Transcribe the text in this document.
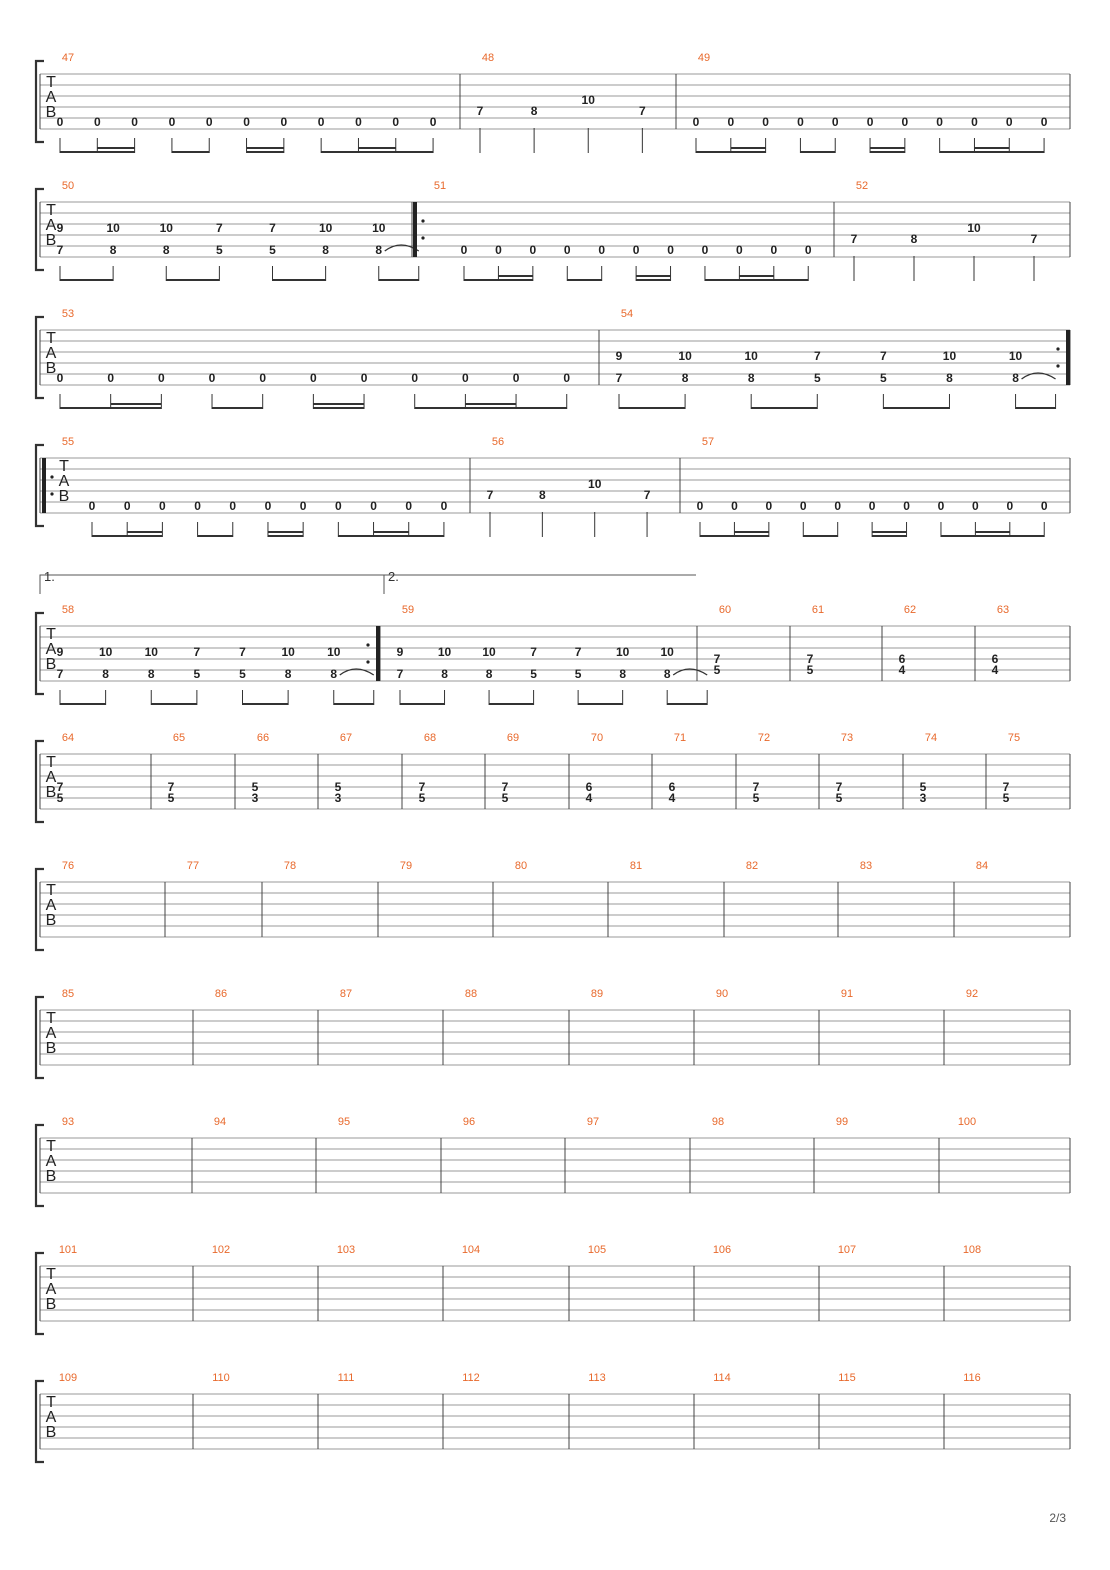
T
A
B
47
0	0	0	0	0	0	0	0	0	0	0
48
7	8
10
7
49
0 0 0 0 0 0 0 0 0 0 0
T
A
B
50
9
7
10
8
10
8
7
5
7
5
10
8
10
8
51
0 0 0 0 0 0 0 0 0 0 0
52
7	8
10
7
T
A
B
53
0	0	0	0	0	0	0	0	0	0	0
54
9
7
10
8
10
8
7
5
7
5
10
8
10
8
T
A
B
55
0 0 0 0 0 0 0 0 0 0 0
56
7	8
10
7
57
0 0 0 0 0 0 0 0 0 0 0
T
A
B
58
9
7
10
8
10
8
7
5
7
5
10
8
10
8
59
9
7
10
8
10
8
7
5
7
5
10
8
10
8
60
7
5
61
7
5
62
6
4
63
6
4
T
A
B
64
7
5
65
7
5
66
5
3
67
5
3
68
7
5
69
7
5
70
6
4
71
6
4
72
7
5
73
7
5
74
5
3
75
7
5
T
A
B
76	77	78	79	80	81	82	83	84
T
A
B
85	86	87	88	89	90	91	92
T
A
B
93	94	95	96	97	98	99	100
T
A
B
101	102	103	104	105	106	107	108
T
A
B
109	110	111	112	113	114	115	116
1.	2.
2/3
